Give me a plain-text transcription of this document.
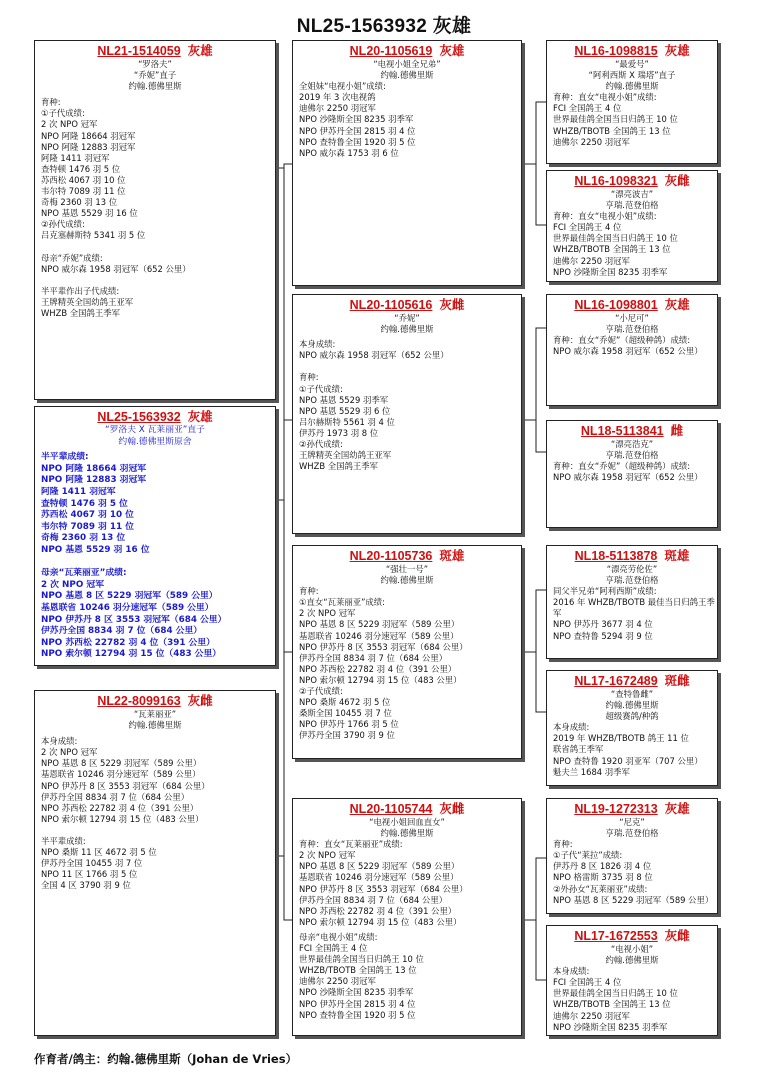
NL25-1563932 灰雄
NL21-1514059 灰雄
“罗洛夫”
“乔妮”直子
约翰.德佛里斯
育种:
①子代成绩:
2 次 NPO 冠军
NPO 阿隆 18664 羽冠军
NPO 阿隆 12883 羽冠军
阿隆 1411 羽冠军
查特顿 1476 羽 5 位
苏西松 4067 羽 10 位
韦尔特 7089 羽 11 位
奇梅 2360 羽 13 位
NPO 基恩 5529 羽 16 位
②孙代成绩:
吕克塞赫斯特 5341 羽 5 位

母亲“乔妮”成绩:
NPO 威尔森 1958 羽冠军（652 公里）

半平辈作出子代成绩:
王牌精英全国幼鸽王亚军
WHZB 全国鸽王季军
NL25-1563932 灰雄
“罗洛夫 X 瓦莱丽亚”直子
约翰.德佛里斯原舍
半平辈成绩:
NPO 阿隆 18664 羽冠军
NPO 阿隆 12883 羽冠军
阿隆 1411 羽冠军
查特顿 1476 羽 5 位
苏西松 4067 羽 10 位
韦尔特 7089 羽 11 位
奇梅 2360 羽 13 位
NPO 基恩 5529 羽 16 位

母亲“瓦莱丽亚”成绩:
2 次 NPO 冠军
NPO 基恩 8 区 5229 羽冠军（589 公里）
基恩联省 10246 羽分速冠军（589 公里）
NPO 伊苏丹 8 区 3553 羽冠军（684 公里）
伊苏丹全国 8834 羽 7 位（684 公里）
NPO 苏西松 22782 羽 4 位（391 公里）
NPO 索尔顿 12794 羽 15 位（483 公里）
NL22-8099163 灰雌
“瓦莱丽亚”
约翰.德佛里斯
本身成绩:
2 次 NPO 冠军
NPO 基恩 8 区 5229 羽冠军（589 公里）
基恩联省 10246 羽分速冠军（589 公里）
NPO 伊苏丹 8 区 3553 羽冠军（684 公里）
伊苏丹全国 8834 羽 7 位（684 公里）
NPO 苏西松 22782 羽 4 位（391 公里）
NPO 索尔顿 12794 羽 15 位（483 公里）

半平辈成绩:
NPO 桑斯 11 区 4672 羽 5 位
伊苏丹全国 10455 羽 7 位
NPO 11 区 1766 羽 5 位
全国 4 区 3790 羽 9 位
NL20-1105619 灰雄
“电视小姐全兄弟”
约翰.德佛里斯
全姐妹“电视小姐”成绩:
2019 年 3 次电视鸽
迪佛尔 2250 羽冠军
NPO 沙隆斯全国 8235 羽季军
NPO 伊苏丹全国 2815 羽 4 位
NPO 查特鲁全国 1920 羽 5 位
NPO 威尔森 1753 羽 6 位
NL20-1105616 灰雌
“乔妮”
约翰.德佛里斯
本身成绩:
NPO 威尔森 1958 羽冠军（652 公里）

育种:
①子代成绩:
NPO 基恩 5529 羽季军
NPO 基恩 5529 羽 6 位
吕尔赫斯特 5561 羽 4 位
伊苏丹 1973 羽 8 位
②孙代成绩:
王牌精英全国幼鸽王亚军
WHZB 全国鸽王季军
NL20-1105736 斑雄
“强壮一号”
约翰.德佛里斯
育种:
①直女“瓦莱丽亚”成绩:
2 次 NPO 冠军
NPO 基恩 8 区 5229 羽冠军（589 公里）
基恩联省 10246 羽分速冠军（589 公里）
NPO 伊苏丹 8 区 3553 羽冠军（684 公里）
伊苏丹全国 8834 羽 7 位（684 公里）
NPO 苏西松 22782 羽 4 位（391 公里）
NPO 索尔顿 12794 羽 15 位（483 公里）
②子代成绩:
NPO 桑斯 4672 羽 5 位
桑斯全国 10455 羽 7 位
NPO 伊苏丹 1766 羽 5 位
伊苏丹全国 3790 羽 9 位
NL20-1105744 灰雌
“电视小姐回血直女”
约翰.德佛里斯
育种：直女“瓦莱丽亚”成绩:
2 次 NPO 冠军
NPO 基恩 8 区 5229 羽冠军（589 公里）
基恩联省 10246 羽分速冠军（589 公里）
NPO 伊苏丹 8 区 3553 羽冠军（684 公里）
伊苏丹全国 8834 羽 7 位（684 公里）
NPO 苏西松 22782 羽 4 位（391 公里）
NPO 索尔顿 12794 羽 15 位（483 公里）
母亲“电视小姐”成绩:
FCI 全国鸽王 4 位
世界最佳鸽全国当日归鸽王 10 位
WHZB/TBOTB 全国鸽王 13 位
迪佛尔 2250 羽冠军
NPO 沙隆斯全国 8235 羽季军
NPO 伊苏丹全国 2815 羽 4 位
NPO 查特鲁全国 1920 羽 5 位
NL16-1098815 灰雄
“最爱号”
“阿利西斯 X 瑞塔”直子
约翰.德佛里斯
育种：直女“电视小姐”成绩:
FCI 全国鸽王 4 位
世界最佳鸽全国当日归鸽王 10 位
WHZB/TBOTB 全国鸽王 13 位
迪佛尔 2250 羽冠军
NL16-1098321 灰雌
“漂亮波吉”
亨瑞.范登伯格
育种：直女“电视小姐”成绩:
FCI 全国鸽王 4 位
世界最佳鸽全国当日归鸽王 10 位
WHZB/TBOTB 全国鸽王 13 位
迪佛尔 2250 羽冠军
NPO 沙隆斯全国 8235 羽季军
NL16-1098801 灰雄
“小尼可”
亨瑞.范登伯格
育种：直女“乔妮”（超级种鸽）成绩:
NPO 威尔森 1958 羽冠军（652 公里）
NL18-5113841 雌
“漂亮浩克”
亨瑞.范登伯格
育种：直女“乔妮”（超级种鸽）成绩:
NPO 威尔森 1958 羽冠军（652 公里）
NL18-5113878 斑雄
“漂亮劳伦佐”
亨瑞.范登伯格
同父半兄弟“阿利西斯”成绩:
2016 年 WHZB/TBOTB 最佳当日归鸽王季
军
NPO 伊苏丹 3677 羽 4 位
NPO 查特鲁 5294 羽 9 位
NL17-1672489 斑雌
“查特鲁雌”
约翰.德佛里斯
超级赛鸽/种鸽
本身成绩:
2019 年 WHZB/TBOTB 鸽王 11 位
联省鸽王季军
NPO 查特鲁 1920 羽亚军（707 公里）
魁夫兰 1684 羽季军
NL19-1272313 灰雄
“尼克”
亨瑞.范登伯格
育种:
①子代“莱拉”成绩:
伊苏丹 8 区 1826 羽 4 位
NPO 格雷斯 3735 羽 8 位
②外孙女“瓦莱丽亚”成绩:
NPO 基恩 8 区 5229 羽冠军（589 公里）
NL17-1672553 灰雌
“电视小姐”
约翰.德佛里斯
本身成绩:
FCI 全国鸽王 4 位
世界最佳鸽全国当日归鸽王 10 位
WHZB/TBOTB 全国鸽王 13 位
迪佛尔 2250 羽冠军
NPO 沙隆斯全国 8235 羽季军
作育者/鸽主：约翰.德佛里斯（Johan de Vries）
